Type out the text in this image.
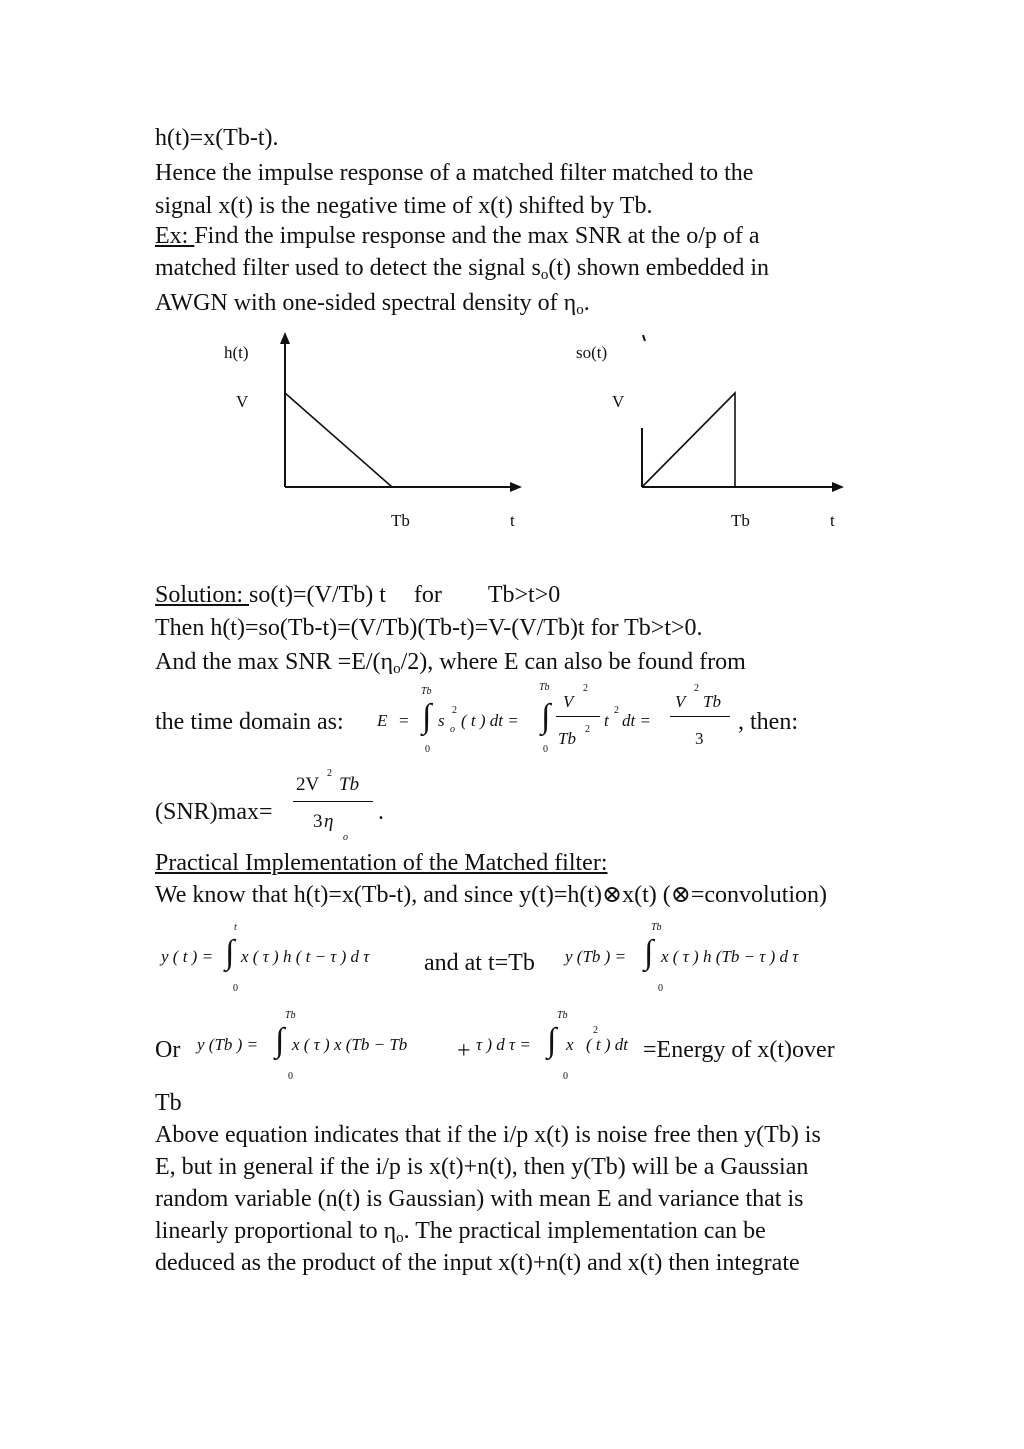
h(t)=x(Tb-t).

Hence the impulse response of a matched filter matched to the

signal x(t) is the negative time of x(t) shifted by Tb.

Ex: Find the impulse response and the max SNR at the o/p of a

matched filter used to detect the signal $s_o(t)$ shown embedded in

AWGN with one-sided spectral density of $\eta_o$.

h(t)
V
Tb	t
so(t)
V
Tb	t

Solution: so(t)=(V/Tb) t for Tb>t>0

Then h(t)=so(Tb-t)=(V/Tb)(Tb-t)=V-(V/Tb)t for Tb>t>0.

And the max SNR $=E/(\eta_o/2)$, where E can also be found from

the time domain as:	, then:
E = ∫
Tb
0
s
2
o ( t ) dt = ∫
Tb
0
V
2
Tb 2 t
2
dt =
V
2
Tb
3

(SNR)max=

2V
2
Tb
3 η
o
.

Practical Implementation of the Matched filter:

We know that h(t)=x(Tb-t), and since y(t)=h(t)⊗x(t) (⊗=convolution)

y ( t ) = ∫
t
0
x ( τ ) h ( t − τ ) d τ and at t=Tb y (Tb ) = ∫
Tb
0
x ( τ ) h (Tb − τ ) d τ
Or y (Tb ) = ∫
Tb
0
x ( τ ) x (Tb − Tb + τ ) d τ = ∫
Tb
0
x
2
( t ) dt =Energy of x(t)over

Tb

Above equation indicates that if the i/p x(t) is noise free then y(Tb) is

E, but in general if the i/p is x(t)+n(t), then y(Tb) will be a Gaussian

random variable (n(t) is Gaussian) with mean E and variance that is

linearly proportional to $\eta_o$. The practical implementation can be

deduced as the product of the input x(t)+n(t) and x(t) then integrate
